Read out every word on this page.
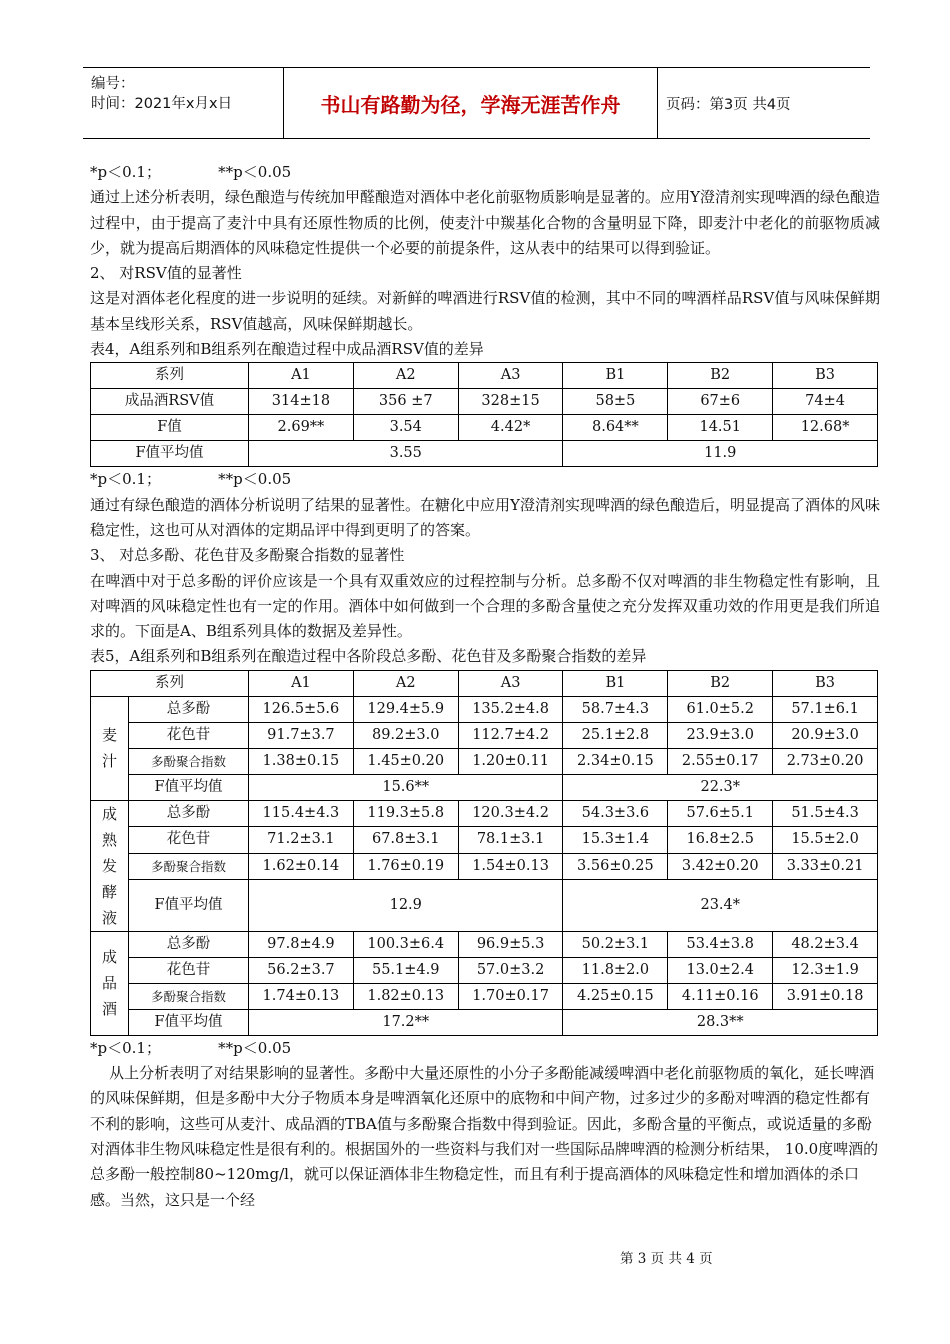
编号：
时间：2021年x月x日	书山有路勤为径，学海无涯苦作舟	页码：第3页 共4页

*p＜0.1；            **p＜0.05

通过上述分析表明，绿色酿造与传统加甲醛酿造对酒体中老化前驱物质影响是显著的。应用Y澄清剂实现啤酒的绿色酿造过程中，由于提高了麦汁中具有还原性物质的比例，使麦汁中羰基化合物的含量明显下降，即麦汁中老化的前驱物质减少，就为提高后期酒体的风味稳定性提供一个必要的前提条件，这从表中的结果可以得到验证。

2、 对RSV值的显著性

这是对酒体老化程度的进一步说明的延续。对新鲜的啤酒进行RSV值的检测，其中不同的啤酒样品RSV值与风味保鲜期基本呈线形关系，RSV值越高，风味保鲜期越长。

表4，A组系列和B组系列在酿造过程中成品酒RSV值的差异

系列	A1	A2	A3	B1	B2	B3
成品酒RSV值	314±18	356 ±7	328±15	58±5	67±6	74±4
F值	2.69**	3.54	4.42*	8.64**	14.51	12.68*
F值平均值	3.55			11.9		

*p＜0.1；            **p＜0.05

通过有绿色酿造的酒体分析说明了结果的显著性。在糖化中应用Y澄清剂实现啤酒的绿色酿造后，明显提高了酒体的风味稳定性，这也可从对酒体的定期品评中得到更明了的答案。

3、 对总多酚、花色苷及多酚聚合指数的显著性

在啤酒中对于总多酚的评价应该是一个具有双重效应的过程控制与分析。总多酚不仅对啤酒的非生物稳定性有影响，且对啤酒的风味稳定性也有一定的作用。酒体中如何做到一个合理的多酚含量使之充分发挥双重功效的作用更是我们所追求的。下面是A、B组系列具体的数据及差异性。

表5，A组系列和B组系列在酿造过程中各阶段总多酚、花色苷及多酚聚合指数的差异

系列		A1	A2	A3	B1	B2	B3

麦
汁	总多酚	126.5±5.6	129.4±5.9	135.2±4.8	58.7±4.3	61.0±5.2	57.1±6.1
	花色苷	91.7±3.7	89.2±3.0	112.7±4.2	25.1±2.8	23.9±3.0	20.9±3.0
	多酚聚合指数	1.38±0.15	1.45±0.20	1.20±0.11	2.34±0.15	2.55±0.17	2.73±0.20
	F值平均值	15.6**			22.3*		

成
熟
发
酵
液	总多酚	115.4±4.3	119.3±5.8	120.3±4.2	54.3±3.6	57.6±5.1	51.5±4.3
	花色苷	71.2±3.1	67.8±3.1	78.1±3.1	15.3±1.4	16.8±2.5	15.5±2.0
	多酚聚合指数	1.62±0.14	1.76±0.19	1.54±0.13	3.56±0.25	3.42±0.20	3.33±0.21
	F值平均值	12.9			23.4*		

成
品
酒	总多酚	97.8±4.9	100.3±6.4	96.9±5.3	50.2±3.1	53.4±3.8	48.2±3.4
	花色苷	56.2±3.7	55.1±4.9	57.0±3.2	11.8±2.0	13.0±2.4	12.3±1.9
	多酚聚合指数	1.74±0.13	1.82±0.13	1.70±0.17	4.25±0.15	4.11±0.16	3.91±0.18
	F值平均值	17.2**			28.3**		

*p＜0.1；            **p＜0.05

从上分析表明了对结果影响的显著性。多酚中大量还原性的小分子多酚能减缓啤酒中老化前驱物质的氧化，延长啤酒的风味保鲜期，但是多酚中大分子物质本身是啤酒氧化还原中的底物和中间产物，过多过少的多酚对啤酒的稳定性都有不利的影响，这些可从麦汁、成品酒的TBA值与多酚聚合指数中得到验证。因此，多酚含量的平衡点，或说适量的多酚对酒体非生物风味稳定性是很有利的。根据国外的一些资料与我们对一些国际品牌啤酒的检测分析结果， 10.0度啤酒的总多酚一般控制80~120mg/l，就可以保证酒体非生物稳定性，而且有利于提高酒体的风味稳定性和增加酒体的杀口感。当然，这只是一个经

第 3 页 共 4 页
